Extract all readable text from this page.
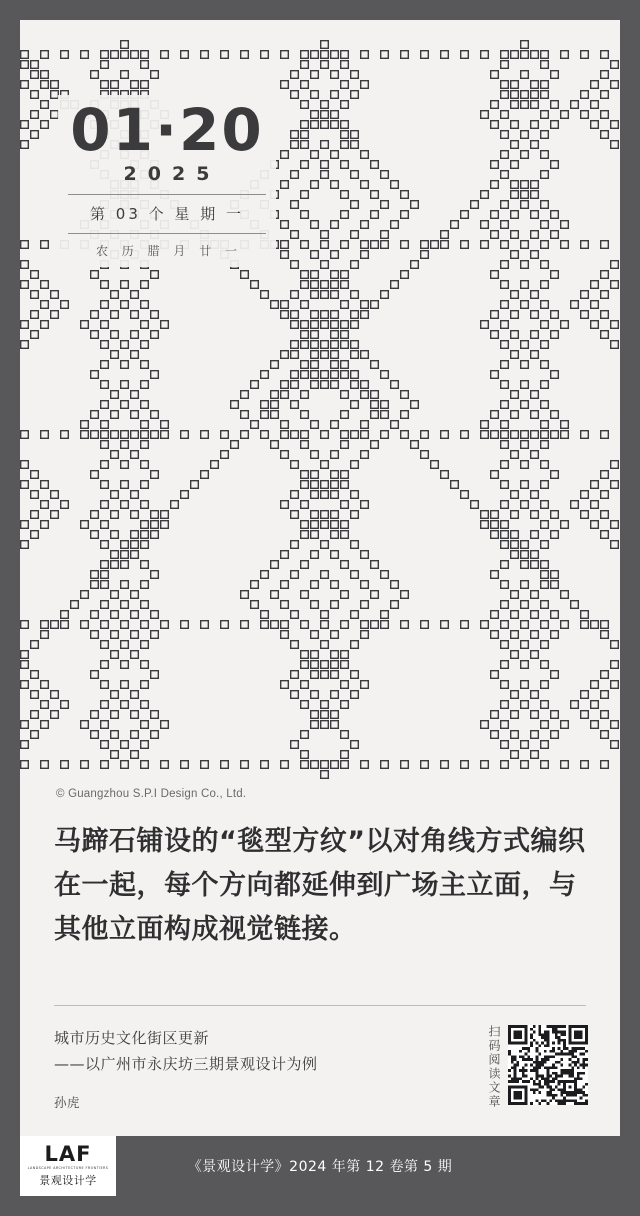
01·20
2025
第 03 个 星 期 一
农 历 腊 月 廿 一
© Guangzhou S.P.I Design Co., Ltd.
马蹄石铺设的“毯型方纹”以对角线方式编织在一起，每个方向都延伸到广场主立面，与其他立面构成视觉链接。
城市历史文化街区更新
——以广州市永庆坊三期景观设计为例
孙虎	扫码阅读文章
LAF
LANDSCAPE ARCHITECTURE FRONTIERS
景观设计学
《景观设计学》2024 年第 12 卷第 5 期
